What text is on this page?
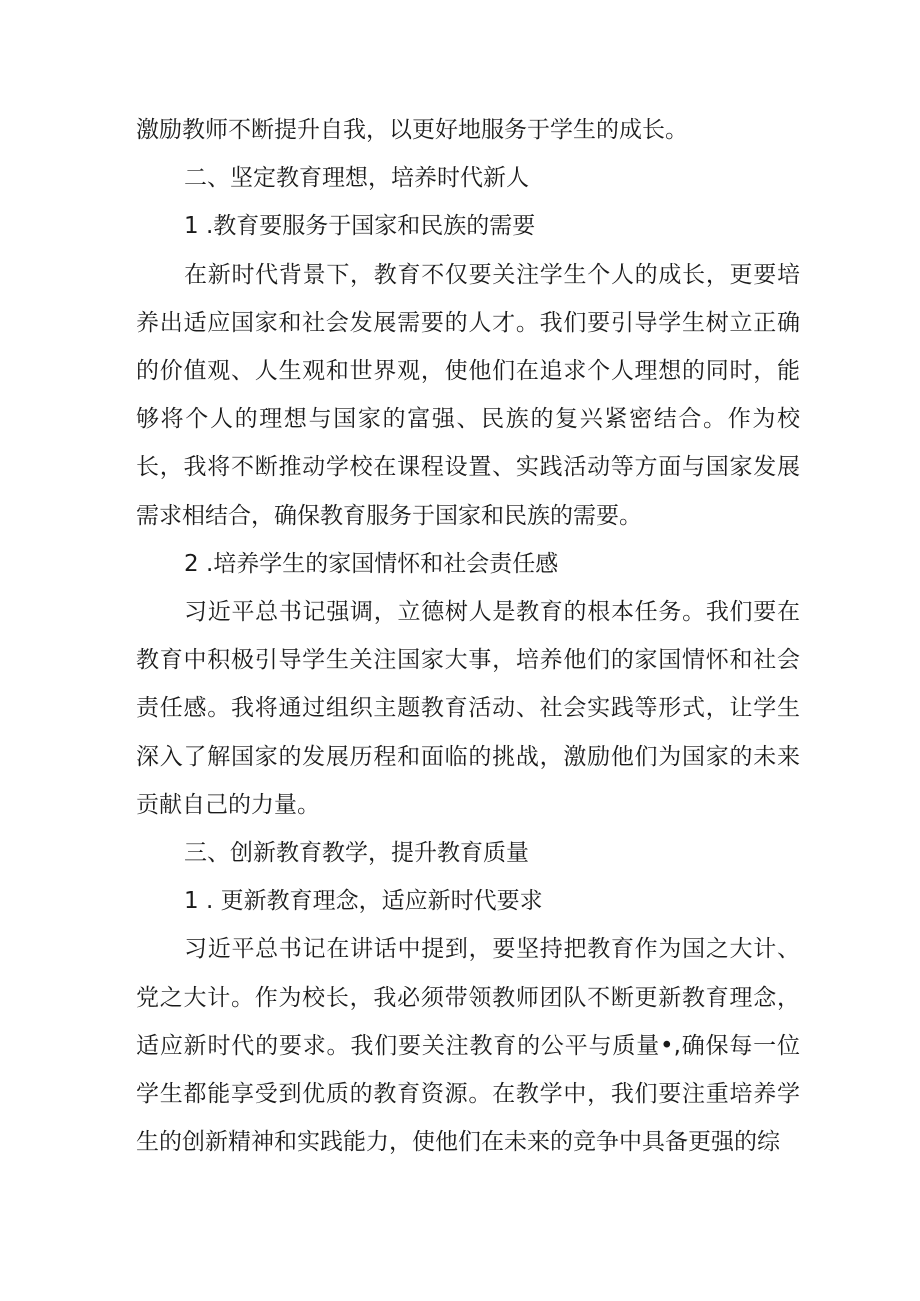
激励教师不断提升自我，以更好地服务于学生的成长。

二、坚定教育理想，培养时代新人

1 .教育要服务于国家和民族的需要

在新时代背景下，教育不仅要关注学生个人的成长，更要培养出适应国家和社会发展需要的人才。我们要引导学生树立正确的价值观、人生观和世界观，使他们在追求个人理想的同时，能够将个人的理想与国家的富强、民族的复兴紧密结合。作为校长，我将不断推动学校在课程设置、实践活动等方面与国家发展需求相结合，确保教育服务于国家和民族的需要。

2 .培养学生的家国情怀和社会责任感

习近平总书记强调，立德树人是教育的根本任务。我们要在教育中积极引导学生关注国家大事，培养他们的家国情怀和社会责任感。我将通过组织主题教育活动、社会实践等形式，让学生深入了解国家的发展历程和面临的挑战，激励他们为国家的未来贡献自己的力量。

三、创新教育教学，提升教育质量

1 . 更新教育理念，适应新时代要求

习近平总书记在讲话中提到，要坚持把教育作为国之大计、党之大计。作为校长，我必须带领教师团队不断更新教育理念，适应新时代的要求。我们要关注教育的公平与质量•,确保每一位学生都能享受到优质的教育资源。在教学中，我们要注重培养学生的创新精神和实践能力，使他们在未来的竞争中具备更强的综
